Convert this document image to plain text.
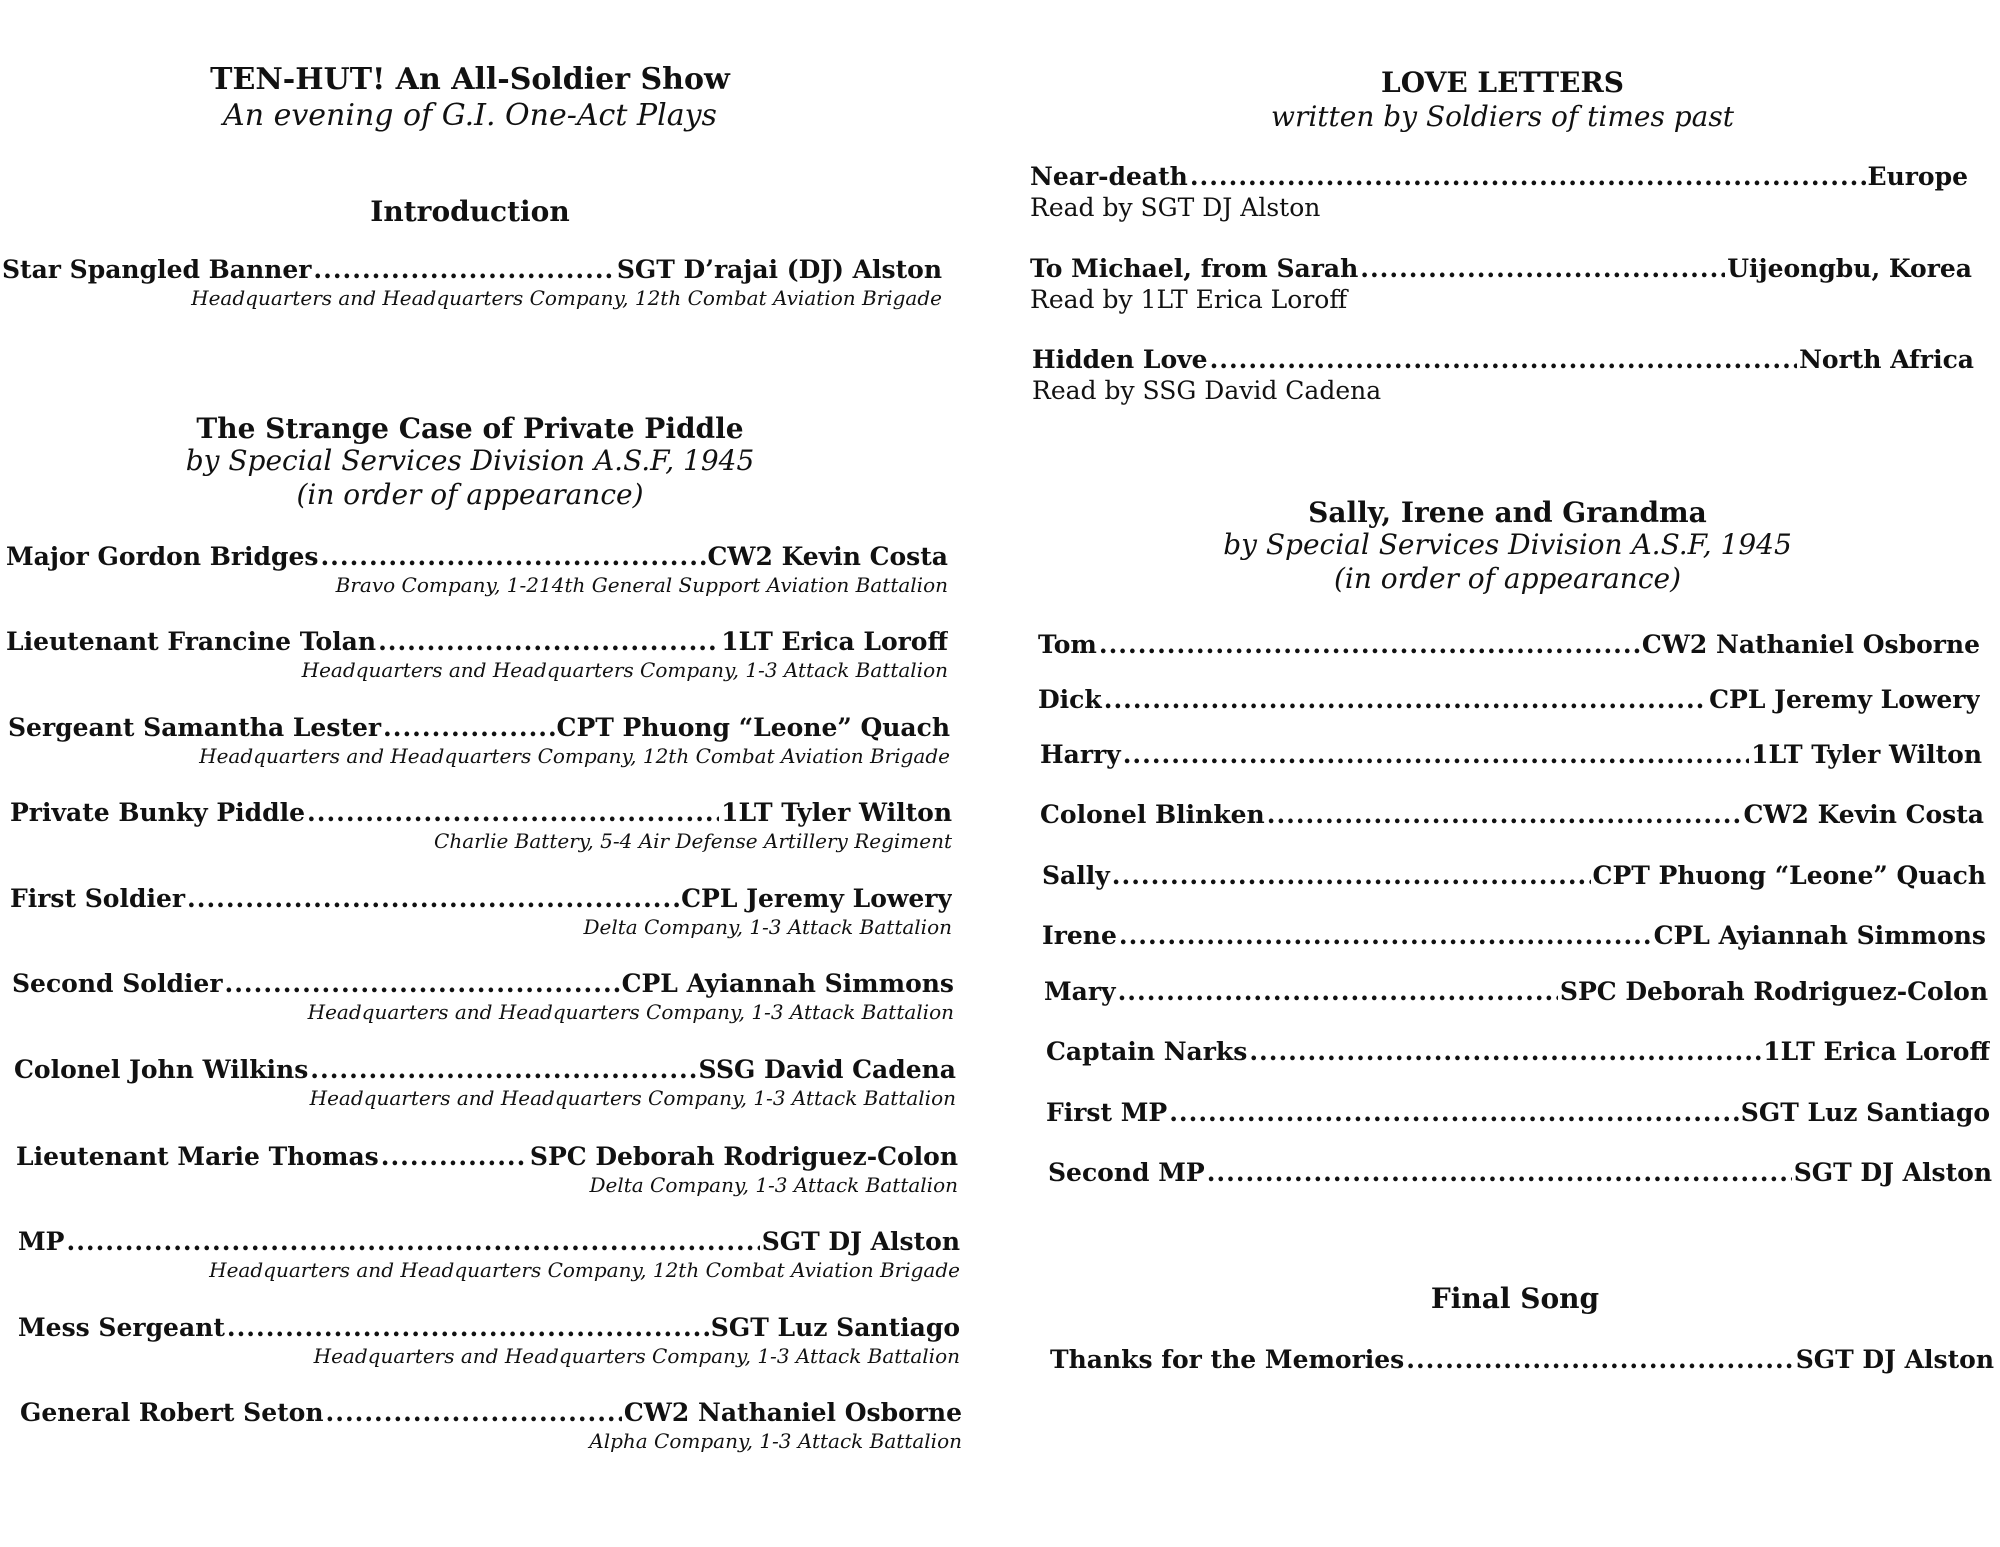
TEN-HUT! An All-Soldier Show
An evening of G.I. One-Act Plays
Introduction
Star Spangled Banner .....	SGT D’rajai (DJ) Alston
Headquarters and Headquarters Company, 12th Combat Aviation Brigade
The Strange Case of Private Piddle
by Special Services Division A.S.F, 1945
(in order of appearance)
Major Gordon Bridges .....	CW2 Kevin Costa
Bravo Company, 1-214th General Support Aviation Battalion
Lieutenant Francine Tolan .....	1LT Erica Loroff
Headquarters and Headquarters Company, 1-3 Attack Battalion
Sergeant Samantha Lester .....	CPT Phuong “Leone” Quach
Headquarters and Headquarters Company, 12th Combat Aviation Brigade
Private Bunky Piddle .....	1LT Tyler Wilton
Charlie Battery, 5-4 Air Defense Artillery Regiment
First Soldier .....	CPL Jeremy Lowery
Delta Company, 1-3 Attack Battalion
Second Soldier .....	CPL Ayiannah Simmons
Headquarters and Headquarters Company, 1-3 Attack Battalion
Colonel John Wilkins .....	SSG David Cadena
Headquarters and Headquarters Company, 1-3 Attack Battalion
Lieutenant Marie Thomas .....	SPC Deborah Rodriguez-Colon
Delta Company, 1-3 Attack Battalion
MP .....	SGT DJ Alston
Headquarters and Headquarters Company, 12th Combat Aviation Brigade
Mess Sergeant .....	SGT Luz Santiago
Headquarters and Headquarters Company, 1-3 Attack Battalion
General Robert Seton .....	CW2 Nathaniel Osborne
Alpha Company, 1-3 Attack Battalion
LOVE LETTERS
written by Soldiers of times past
Near-death .....	Europe
Read by SGT DJ Alston
To Michael, from Sarah .....	Uijeongbu, Korea
Read by 1LT Erica Loroff
Hidden Love .....	North Africa
Read by SSG David Cadena
Sally, Irene and Grandma
by Special Services Division A.S.F, 1945
(in order of appearance)
Tom .....	CW2 Nathaniel Osborne
Dick .....	CPL Jeremy Lowery
Harry .....	1LT Tyler Wilton
Colonel Blinken .....	CW2 Kevin Costa
Sally .....	CPT Phuong “Leone” Quach
Irene .....	CPL Ayiannah Simmons
Mary .....	SPC Deborah Rodriguez-Colon
Captain Narks .....	1LT Erica Loroff
First MP .....	SGT Luz Santiago
Second MP .....	SGT DJ Alston
Final Song
Thanks for the Memories .....	SGT DJ Alston
